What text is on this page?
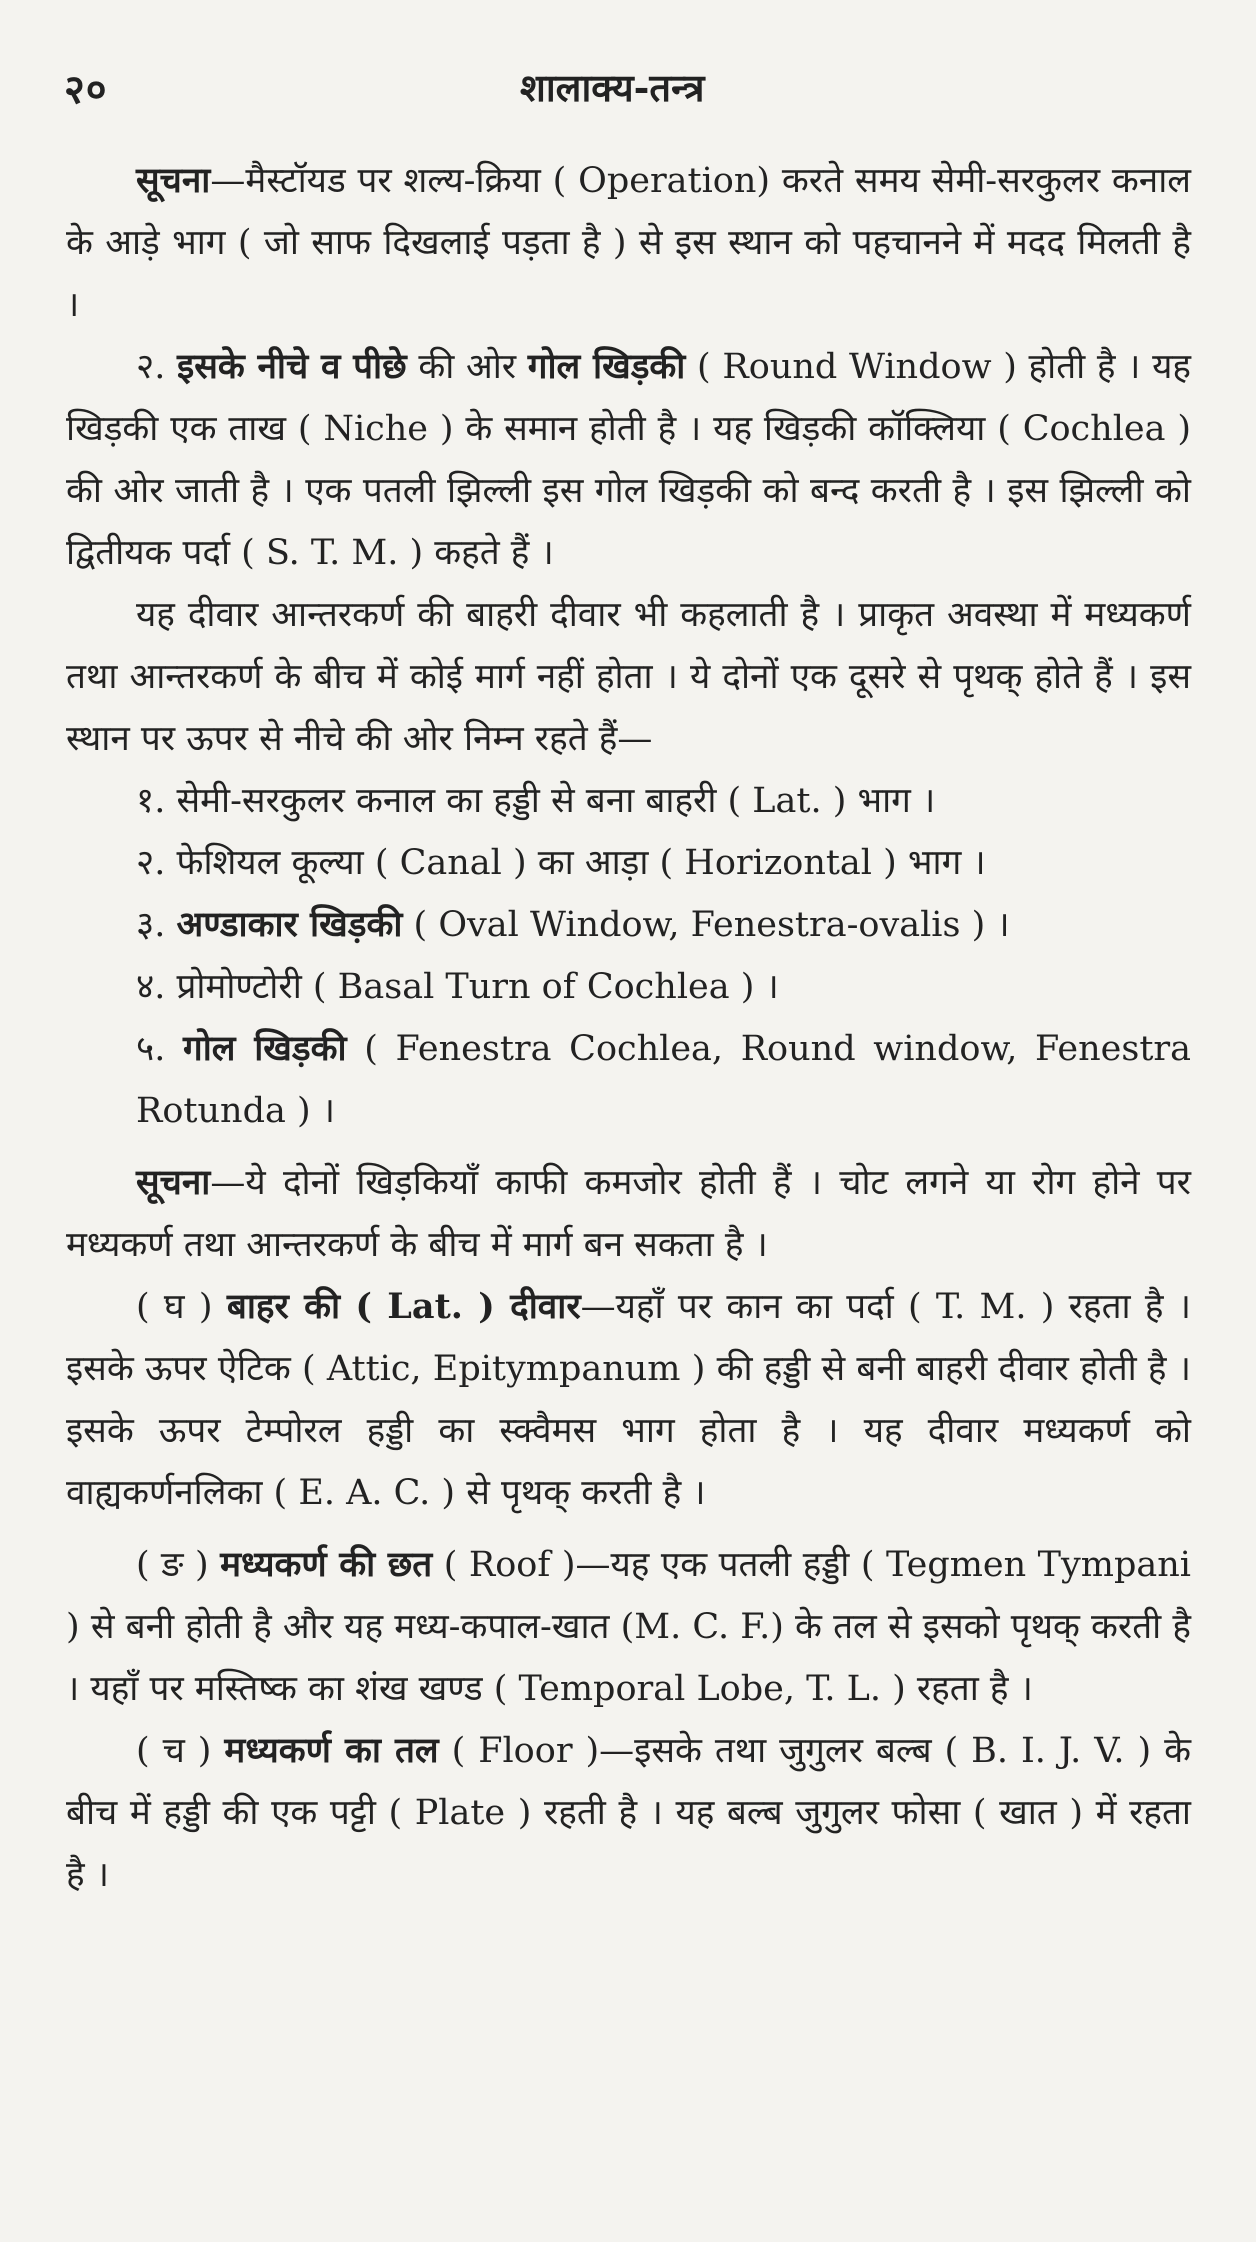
२०	शालाक्य-तन्त्र

सूचना—मैस्टॉयड पर शल्य-क्रिया ( Operation) करते समय सेमी-सरकुलर कनाल के आड़े भाग ( जो साफ दिखलाई पड़ता है ) से इस स्थान को पहचानने में मदद मिलती है ।

२. इसके नीचे व पीछे की ओर गोल खिड़की ( Round Window ) होती है । यह खिड़की एक ताख ( Niche ) के समान होती है । यह खिड़की कॉक्लिया ( Cochlea ) की ओर जाती है । एक पतली झिल्ली इस गोल खिड़की को बन्द करती है । इस झिल्ली को द्वितीयक पर्दा ( S. T. M. ) कहते हैं ।

यह दीवार आन्तरकर्ण की बाहरी दीवार भी कहलाती है । प्राकृत अवस्था में मध्यकर्ण तथा आन्तरकर्ण के बीच में कोई मार्ग नहीं होता । ये दोनों एक दूसरे से पृथक् होते हैं । इस स्थान पर ऊपर से नीचे की ओर निम्न रहते हैं—

१. सेमी-सरकुलर कनाल का हड्डी से बना बाहरी ( Lat. ) भाग ।

२. फेशियल कूल्या ( Canal ) का आड़ा ( Horizontal ) भाग ।

३. अण्डाकार खिड़की ( Oval Window, Fenestra-ovalis ) ।

४. प्रोमोण्टोरी ( Basal Turn of Cochlea ) ।

५. गोल खिड़की ( Fenestra Cochlea, Round window, Fenestra Rotunda ) ।

सूचना—ये दोनों खिड़कियाँ काफी कमजोर होती हैं । चोट लगने या रोग होने पर मध्यकर्ण तथा आन्तरकर्ण के बीच में मार्ग बन सकता है ।

( घ ) बाहर की ( Lat. ) दीवार—यहाँ पर कान का पर्दा ( T. M. ) रहता है । इसके ऊपर ऐटिक ( Attic, Epitympanum ) की हड्डी से बनी बाहरी दीवार होती है । इसके ऊपर टेम्पोरल हड्डी का स्क्वैमस भाग होता है । यह दीवार मध्यकर्ण को वाह्यकर्णनलिका ( E. A. C. ) से पृथक् करती है ।

( ङ ) मध्यकर्ण की छत ( Roof )—यह एक पतली हड्डी ( Tegmen Tympani ) से बनी होती है और यह मध्य-कपाल-खात (M. C. F.) के तल से इसको पृथक् करती है । यहाँ पर मस्तिष्क का शंख खण्ड ( Temporal Lobe, T. L. ) रहता है ।

( च ) मध्यकर्ण का तल ( Floor )—इसके तथा जुगुलर बल्ब ( B. I. J. V. ) के बीच में हड्डी की एक पट्टी ( Plate ) रहती है । यह बल्ब जुगुलर फोसा ( खात ) में रहता है ।
